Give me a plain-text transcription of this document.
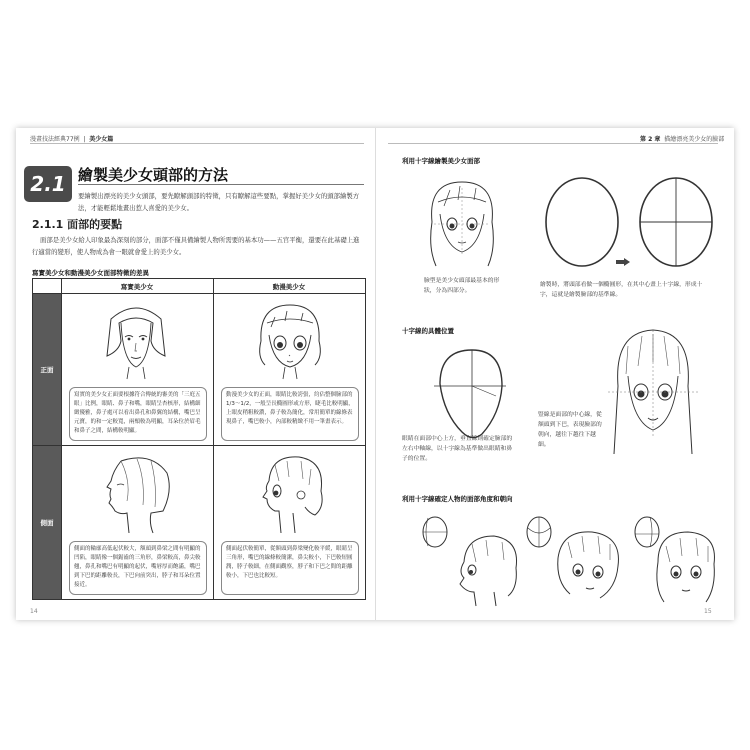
漫畫技法經典77例  |  美少女篇	第 2 章 描繪漂亮美少女的臉部
2.1 繪製美少女頭部的方法
要繪製出漂亮的美少女頭部，要先瞭解頭部的特徵，只有瞭解這些要點，掌握好美少女的頭部繪製方法，才能輕鬆地畫出惹人喜愛的美少女。
2.1.1 面部的要點
面部是美少女給人印象最為深刻的部分，面部不僅具備繪製人物所需要的基本功——五官平衡，還要在此基礎上進行適當的變形，使人物成為會一眼就會愛上的美少女。
寫實美少女和動漫美少女面部特徵的差異
寫實美少女	動漫美少女
正面
側面
寫實的美少女正面要根據符合傳統的審美的「三庭五眼」比例，眼睛、鼻子和嘴，眼睛呈杏核形，結構細緻優雅，鼻子處可以看出鼻孔和鼻翼的結構，嘴巴呈元寶，的和一定較寬，兩頰較為明顯，耳朵位於眉毛和鼻子之間，結構較明顯。
動漫美少女的正面，眼睛比較誇張，約佔整個臉部的1/3～1/2，一般呈長橢圓形或方形，睫毛比較明顯，上眼皮稍粗較濃，鼻子較為簡化，常用簡單的線條表現鼻子，嘴巴較小，內部較精緻不用一筆畫表示。
側面的輪廓高低起伏較大，額頭到鼻梁之間有明顯的凹陷，眼睛像一個鋸齒的三角形，鼻梁較高，鼻尖較翹，鼻孔和嘴巴有明顯的起伏，嘴唇厚而飽滿，嘴巴到下巴的距離較長，下巴向前突出，脖子和耳朵位置接近。
側面起伏較簡單，從額頭到鼻梁變化較平緩，眼睛呈三角形，嘴巴的線條較簡潔，鼻尖較小，下巴較短圓潤，脖子較細，在側面觀察，脖子和下巴之間的距離較小，下巴也比較短。
14
利用十字線繪製美少女面部
臉型是美少女頭部最基本的形狀，分為四部分。
繪製時，將頭部看做一個橢圓形，在其中心畫上十字線，形成十字，這就是繪製臉部的基準線。
十字線的具體位置
眼睛在面部中心上方，垂直線則確定臉部的左右中軸線，以十字線為基準做出眼睛和鼻子的位置。
豎線是面部的中心線，從額頭到下巴，表現臉部的朝向，越往下越往下越細。
利用十字線確定人物的面部角度和朝向
15
